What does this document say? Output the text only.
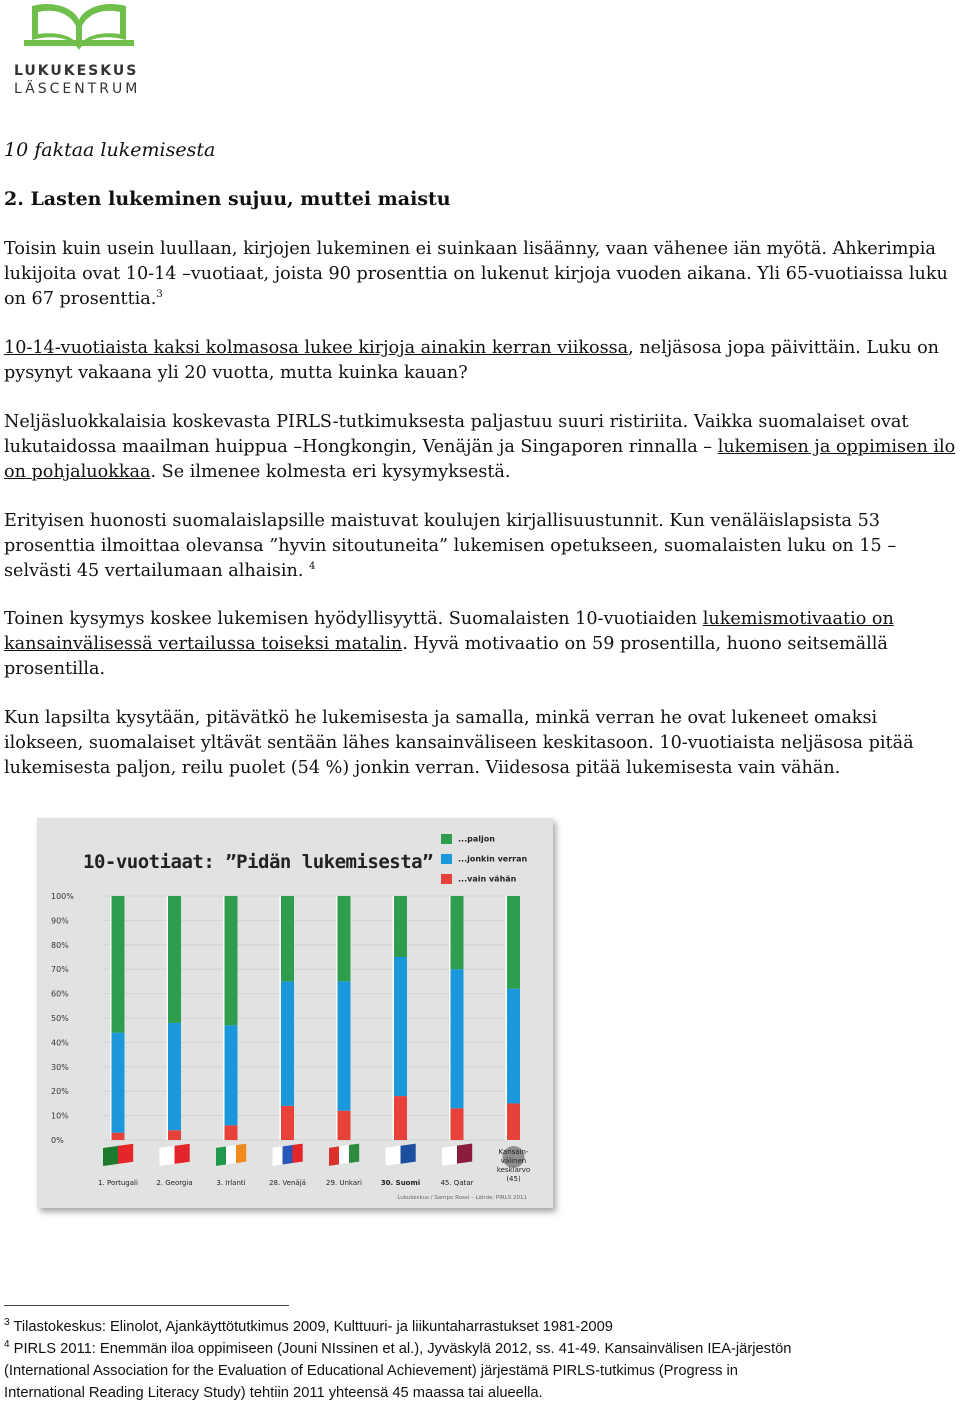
LUKUKESKUS
LÄSCENTRUM
10 faktaa lukemisesta
2. Lasten lukeminen sujuu, muttei maistu

Toisin kuin usein luullaan, kirjojen lukeminen ei suinkaan lisäänny, vaan vähenee iän myötä. Ahkerimpia lukijoita ovat 10-14 –vuotiaat, joista 90 prosenttia on lukenut kirjoja vuoden aikana. Yli 65-vuotiaissa luku on 67 prosenttia.$^3$

10-14-vuotiaista kaksi kolmasosa lukee kirjoja ainakin kerran viikossa, neljäsosa jopa päivittäin. Luku on pysynyt vakaana yli 20 vuotta, mutta kuinka kauan?

Neljäsluokkalaisia koskevasta PIRLS-tutkimuksesta paljastuu suuri ristiriita. Vaikka suomalaiset ovat lukutaidossa maailman huippua –Hongkongin, Venäjän ja Singaporen rinnalla – lukemisen ja oppimisen ilo on pohjaluokkaa. Se ilmenee kolmesta eri kysymyksestä.

Erityisen huonosti suomalaislapsille maistuvat koulujen kirjallisuustunnit. Kun venäläislapsista 53 prosenttia ilmoittaa olevansa ”hyvin sitoutuneita” lukemisen opetukseen, suomalaisten luku on 15 – selvästi 45 vertailumaan alhaisin. $^4$

Toinen kysymys koskee lukemisen hyödyllisyyttä. Suomalaisten 10-vuotiaiden lukemismotivaatio on kansainvälisessä vertailussa toiseksi matalin. Hyvä motivaatio on 59 prosentilla, huono seitsemällä prosentilla.

Kun lapsilta kysytään, pitävätkö he lukemisesta ja samalla, minkä verran he ovat lukeneet omaksi ilokseen, suomalaiset yltävät sentään lähes kansainväliseen keskitasoon. 10-vuotiaista neljäsosa pitää lukemisesta paljon, reilu puolet (54 %) jonkin verran. Viidesosa pitää lukemisesta vain vähän.

10-vuotiaat: ”Pidän lukemisesta”
...paljon
...jonkin verran
...vain vähän
100%
90%
80%
70%
60%
50%
40%
30%
20%
10%
0%
1. Portugali	2. Georgia	3. Irlanti	28. Venäjä	29. Unkari	30. Suomi	45. Qatar
Kansain-
välinen
keskiarvo
(45)
Lukukeskus / Sampo Rossi – Lähde: PIRLS 2011

$^3$ Tilastokeskus: Elinolot, Ajankäyttötutkimus 2009, Kulttuuri- ja liikuntaharrastukset 1981-2009

$^4$ PIRLS 2011: Enemmän iloa oppimiseen (Jouni NIssinen et al.), Jyväskylä 2012, ss. 41-49. Kansainvälisen IEA-järjestön

(International Association for the Evaluation of Educational Achievement) järjestämä PIRLS-tutkimus (Progress in

International Reading Literacy Study) tehtiin 2011 yhteensä 45 maassa tai alueella.
